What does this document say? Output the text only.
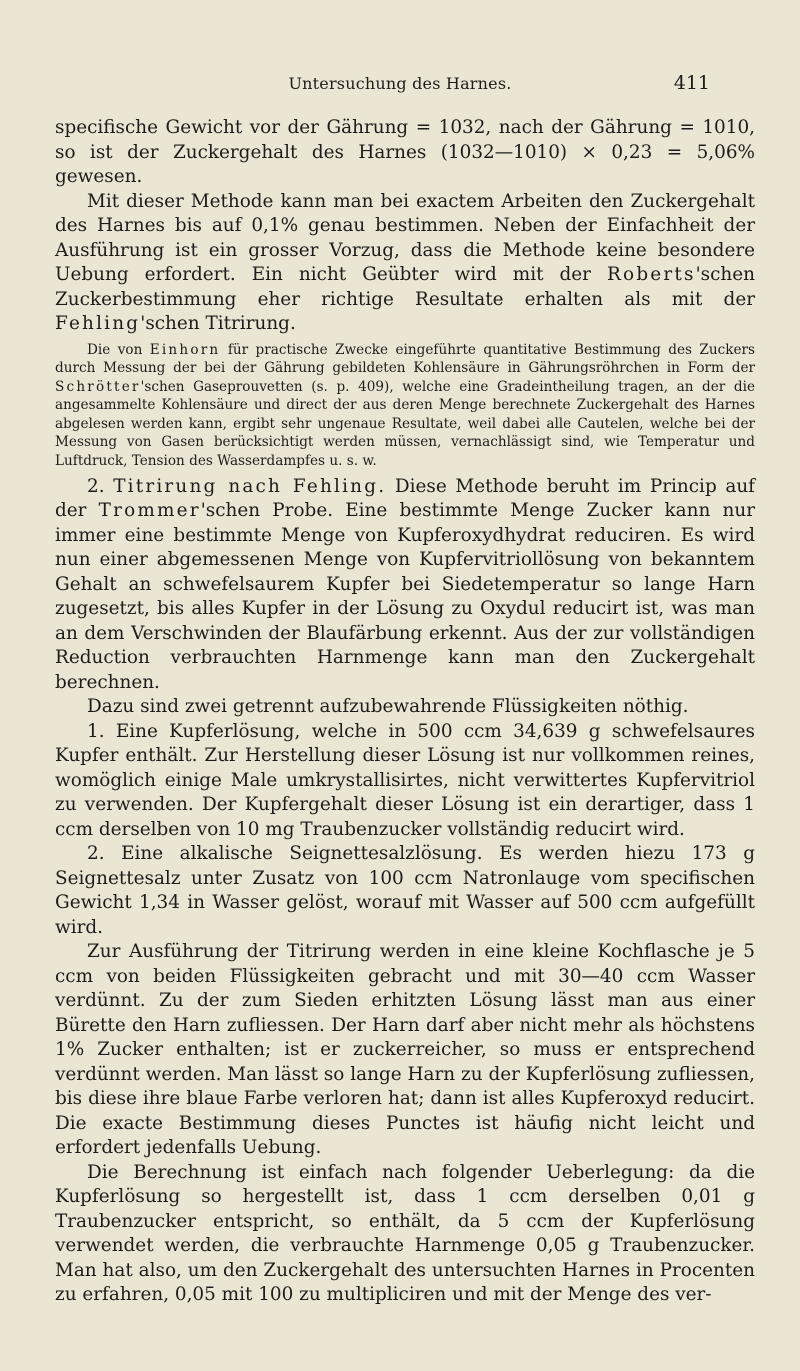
Untersuchung des Harnes.	411

specifische Gewicht vor der Gährung = 1032, nach der Gährung = 1010, so ist der Zuckergehalt des Harnes (1032—1010) × 0,23 = 5,06%​ gewesen.

Mit dieser Methode kann man bei exactem Arbeiten den Zuckergehalt des Harnes bis auf 0,1% genau bestimmen. Neben der Einfachheit der Ausführung ist ein grosser Vorzug, dass die Methode keine besondere Uebung erfordert. Ein nicht Geübter wird mit der Roberts'schen Zuckerbestimmung eher richtige Resultate erhalten als mit der Fehling'schen Titrirung.

Die von Einhorn für practische Zwecke eingeführte quantitative Bestimmung des Zuckers durch Messung der bei der Gährung gebildeten Kohlensäure in Gährungsröhrchen in Form der Schrötter'schen Gaseprouvetten (s. p. 409), welche eine Gradeintheilung tragen, an der die angesammelte Kohlensäure und direct der aus deren Menge berechnete Zuckergehalt des Harnes abgelesen werden kann, ergibt sehr ungenaue Resultate, weil dabei alle Cautelen, welche bei der Messung von Gasen berücksichtigt werden müssen, vernachlässigt sind, wie Temperatur und Luftdruck, Tension des Wasserdampfes u. s. w.

2. Titrirung nach Fehling. Diese Methode beruht im Princip auf der Trommer'schen Probe. Eine bestimmte Menge Zucker kann nur immer eine bestimmte Menge von Kupferoxydhydrat reduciren. Es wird nun einer abgemessenen Menge von Kupfervitriollösung von bekanntem Gehalt an schwefelsaurem Kupfer bei Siedetemperatur so lange Harn zugesetzt, bis alles Kupfer in der Lösung zu Oxydul reducirt ist, was man an dem Verschwinden der Blaufärbung erkennt. Aus der zur vollständigen Reduction verbrauchten Harnmenge kann man den Zuckergehalt berechnen.

Dazu sind zwei getrennt aufzubewahrende Flüssigkeiten nöthig.

1. Eine Kupferlösung, welche in 500 ccm 34,639 g schwefelsaures Kupfer enthält. Zur Herstellung dieser Lösung ist nur vollkommen reines, womöglich einige Male umkrystallisirtes, nicht verwittertes Kupfervitriol zu verwenden. Der Kupfergehalt dieser Lösung ist ein derartiger, dass 1 ccm derselben von 10 mg Traubenzucker vollständig reducirt wird.

2. Eine alkalische Seignettesalzlösung. Es werden hiezu 173 g Seignettesalz unter Zusatz von 100 ccm Natronlauge vom specifischen Gewicht 1,34 in Wasser gelöst, worauf mit Wasser auf 500 ccm aufgefüllt wird.

Zur Ausführung der Titrirung werden in eine kleine Kochflasche je 5 ccm von beiden Flüssigkeiten gebracht und mit 30—40 ccm Wasser verdünnt. Zu der zum Sieden erhitzten Lösung lässt man aus einer Bürette den Harn zufliessen. Der Harn darf aber nicht mehr als höchstens 1% Zucker enthalten; ist er zuckerreicher, so muss er entsprechend verdünnt werden. Man lässt so lange Harn zu der Kupferlösung zufliessen, bis diese ihre blaue Farbe verloren hat; dann ist alles Kupferoxyd reducirt. Die exacte Bestimmung dieses Punctes ist häufig nicht leicht und erfordert jedenfalls Uebung.

Die Berechnung ist einfach nach folgender Ueberlegung: da die Kupferlösung so hergestellt ist, dass 1 ccm derselben 0,01 g Traubenzucker entspricht, so enthält, da 5 ccm der Kupferlösung verwendet werden, die verbrauchte Harnmenge 0,05 g Traubenzucker. Man hat also, um den Zuckergehalt des untersuchten Harnes in Procenten zu erfahren, 0,05 mit 100 zu multipliciren und mit der Menge des ver-
